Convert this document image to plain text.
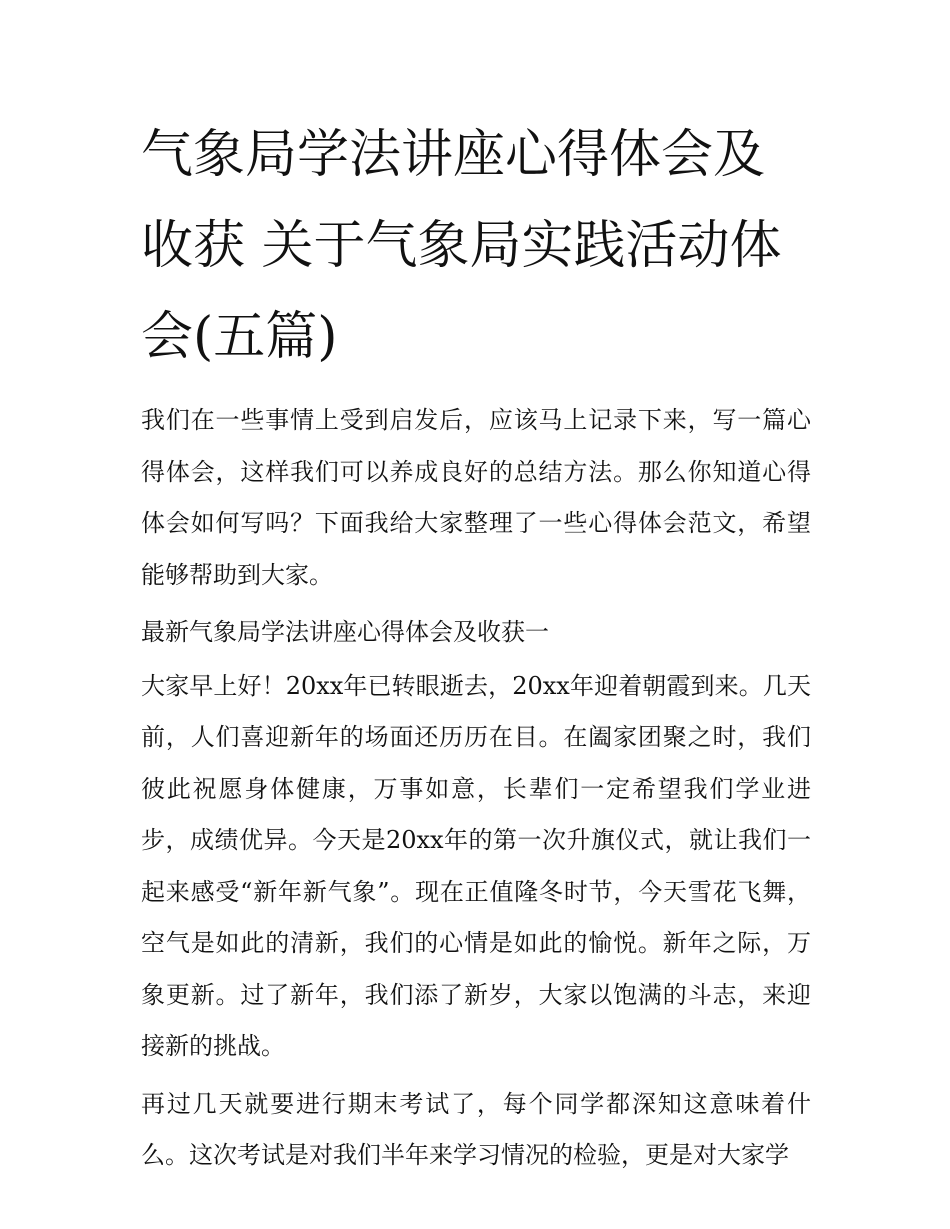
气象局学法讲座心得体会及收获 关于气象局实践活动体会(五篇)

我们在一些事情上受到启发后，应该马上记录下来，写一篇心得体会，这样我们可以养成良好的总结方法。那么你知道心得体会如何写吗？下面我给大家整理了一些心得体会范文，希望能够帮助到大家。

最新气象局学法讲座心得体会及收获一

大家早上好！20xx年已转眼逝去，20xx年迎着朝霞到来。几天前，人们喜迎新年的场面还历历在目。在阖家团聚之时，我们彼此祝愿身体健康，万事如意，长辈们一定希望我们学业进步，成绩优异。今天是20xx年的第一次升旗仪式，就让我们一起来感受“新年新气象”。现在正值隆冬时节，今天雪花飞舞，空气是如此的清新，我们的心情是如此的愉悦。新年之际，万象更新。过了新年，我们添了新岁，大家以饱满的斗志，来迎接新的挑战。

再过几天就要进行期末考试了，每个同学都深知这意味着什么。这次考试是对我们半年来学习情况的检验，更是对大家学
